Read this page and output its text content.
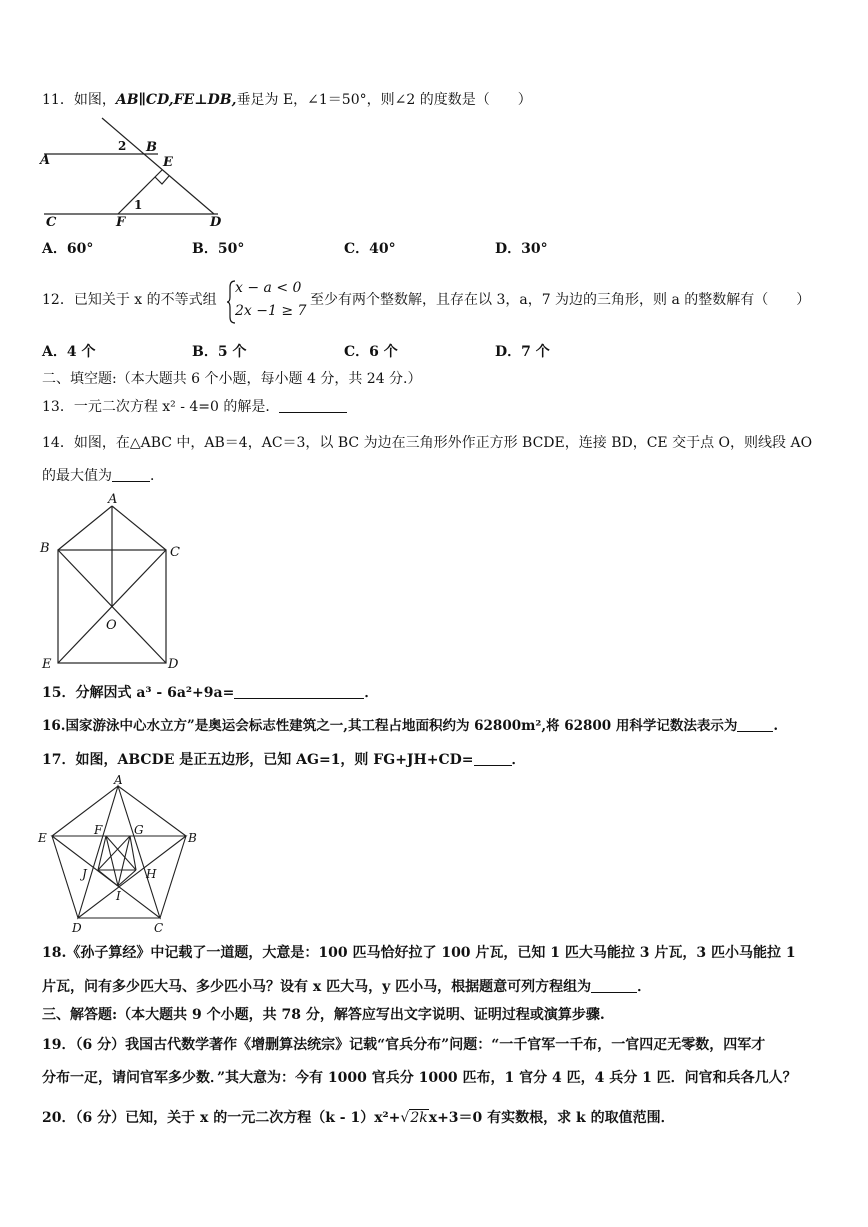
11．如图，AB∥CD,FE⊥DB,垂足为 E，∠1＝50°，则∠2 的度数是（　　）
A
B
E
C	F	D
2
1
A．60°	B．50°	C．40°	D．30°
12．已知关于 x 的不等式组
x − a < 0
2x −1 ≥ 7
至少有两个整数解，且存在以 3，a，7 为边的三角形，则 a 的整数解有（　　）
A．4 个	B．5 个	C．6 个	D．7 个
二、填空题:（本大题共 6 个小题，每小题 4 分，共 24 分.）
13．一元二次方程 x² - 4=0 的解是．
14．如图，在△ABC 中，AB＝4，AC＝3，以 BC 为边在三角形外作正方形 BCDE，连接 BD，CE 交于点 O，则线段 AO
的最大值为	．
A
B	C
O
E	D
15．分解因式 a³ - 6a²+9a=	．
16.国家游泳中心水立方”是奥运会标志性建筑之一,其工程占地面积约为 62800m²,将 62800 用科学记数法表示为	.
17．如图，ABCDE 是正五边形，已知 AG=1，则 FG+JH+CD=	．
A
B
E
F	G
J	H
I
D	C
18.《孙子算经》中记载了一道题，大意是：100 匹马恰好拉了 100 片瓦，已知 1 匹大马能拉 3 片瓦，3 匹小马能拉 1
片瓦，问有多少匹大马、多少匹小马？设有 x 匹大马，y 匹小马，根据题意可列方程组为	．
三、解答题:（本大题共 9 个小题，共 78 分，解答应写出文字说明、证明过程或演算步骤.
19．（6 分）我国古代数学著作《增删算法统宗》记载“官兵分布”问题：“一千官军一千布，一官四疋无零数，四军才
分布一疋，请问官军多少数．”其大意为：今有 1000 官兵分 1000 匹布，1 官分 4 匹，4 兵分 1 匹．问官和兵各几人？
20．（6 分）已知，关于 x 的一元二次方程（k - 1）x²+√2kx+3＝0 有实数根，求 k 的取值范围．
